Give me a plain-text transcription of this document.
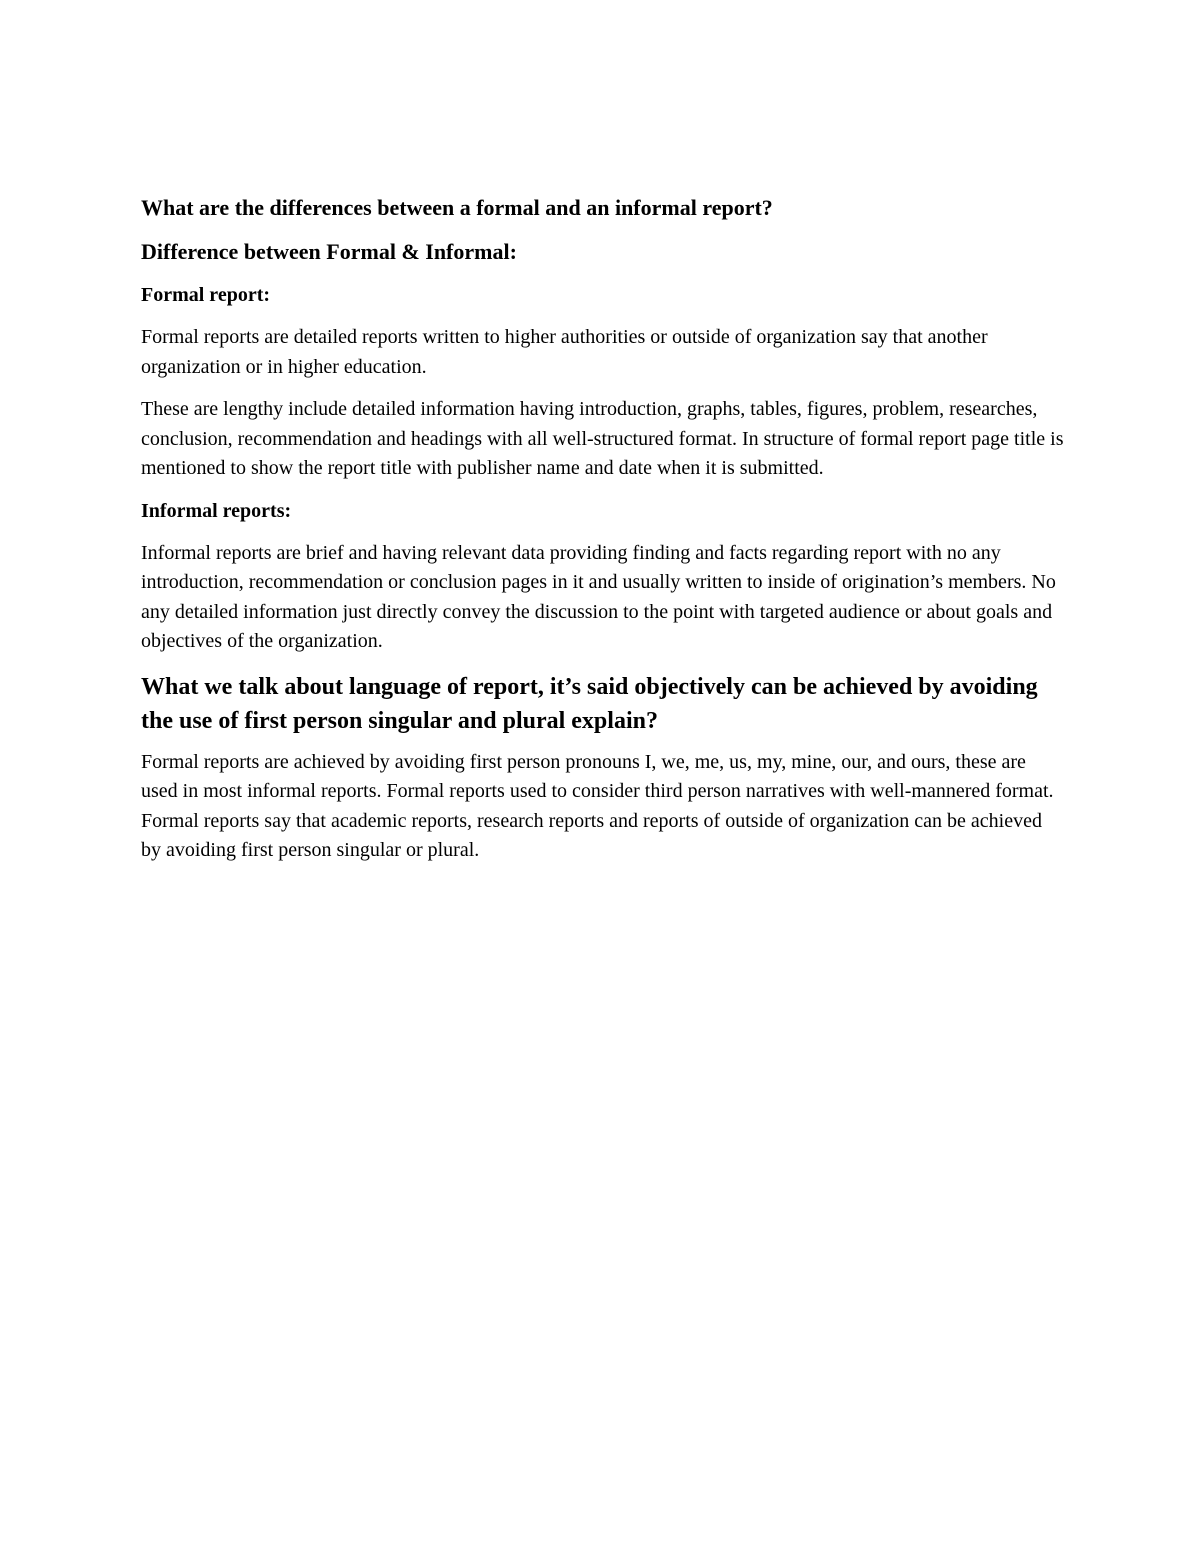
What are the differences between a formal and an informal report?
Difference between Formal & Informal:
Formal report:
Formal reports are detailed reports written to higher authorities or outside of organization say that another organization or in higher education.
These are lengthy include detailed information having introduction, graphs, tables, figures, problem, researches, conclusion, recommendation and headings with all well-structured format. In structure of formal report page title is mentioned to show the report title with publisher name and date when it is submitted.
Informal reports:
Informal reports are brief and having relevant data providing finding and facts regarding report with no any introduction, recommendation or conclusion pages in it and usually written to inside of origination’s members. No any detailed information just directly convey the discussion to the point with targeted audience or about goals and objectives of the organization.
What we talk about language of report, it’s said objectively can be achieved by avoiding the use of first person singular and plural explain?
Formal reports are achieved by avoiding first person pronouns I, we, me, us, my, mine, our, and ours, these are used in most informal reports. Formal reports used to consider third person narratives with well-mannered format. Formal reports say that academic reports, research reports and reports of outside of organization can be achieved by avoiding first person singular or plural.
